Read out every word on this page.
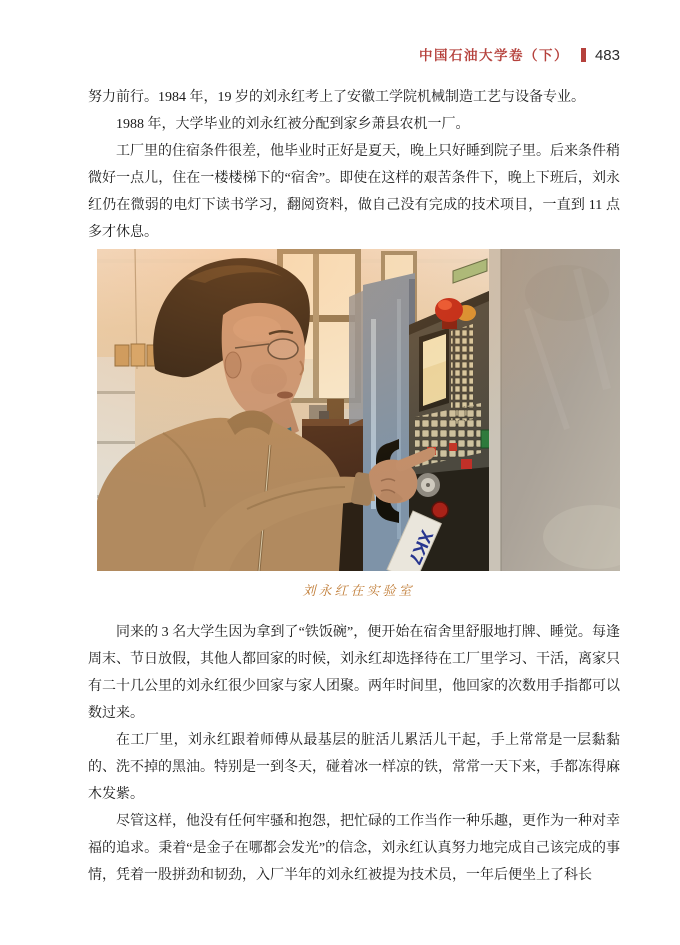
中国石油大学卷（下） 483

努力前行。1984 年，19 岁的刘永红考上了安徽工学院机械制造工艺与设备专业。

1988 年，大学毕业的刘永红被分配到家乡萧县农机一厂。

工厂里的住宿条件很差，他毕业时正好是夏天，晚上只好睡到院子里。后来条件稍微好一点儿，住在一楼楼梯下的“宿舍”。即使在这样的艰苦条件下，晚上下班后，刘永红仍在微弱的电灯下读书学习，翻阅资料，做自己没有完成的技术项目，一直到 11 点多才休息。

刘永红在实验室

同来的 3 名大学生因为拿到了“铁饭碗”，便开始在宿舍里舒服地打牌、睡觉。每逢周末、节日放假，其他人都回家的时候，刘永红却选择待在工厂里学习、干活，离家只有二十几公里的刘永红很少回家与家人团聚。两年时间里，他回家的次数用手指都可以数过来。

在工厂里，刘永红跟着师傅从最基层的脏活儿累活儿干起，手上常常是一层黏黏的、洗不掉的黑油。特别是一到冬天，碰着冰一样凉的铁，常常一天下来，手都冻得麻木发紫。

尽管这样，他没有任何牢骚和抱怨，把忙碌的工作当作一种乐趣，更作为一种对幸福的追求。秉着“是金子在哪都会发光”的信念，刘永红认真努力地完成自己该完成的事情，凭着一股拼劲和韧劲，入厂半年的刘永红被提为技术员，一年后便坐上了科长
